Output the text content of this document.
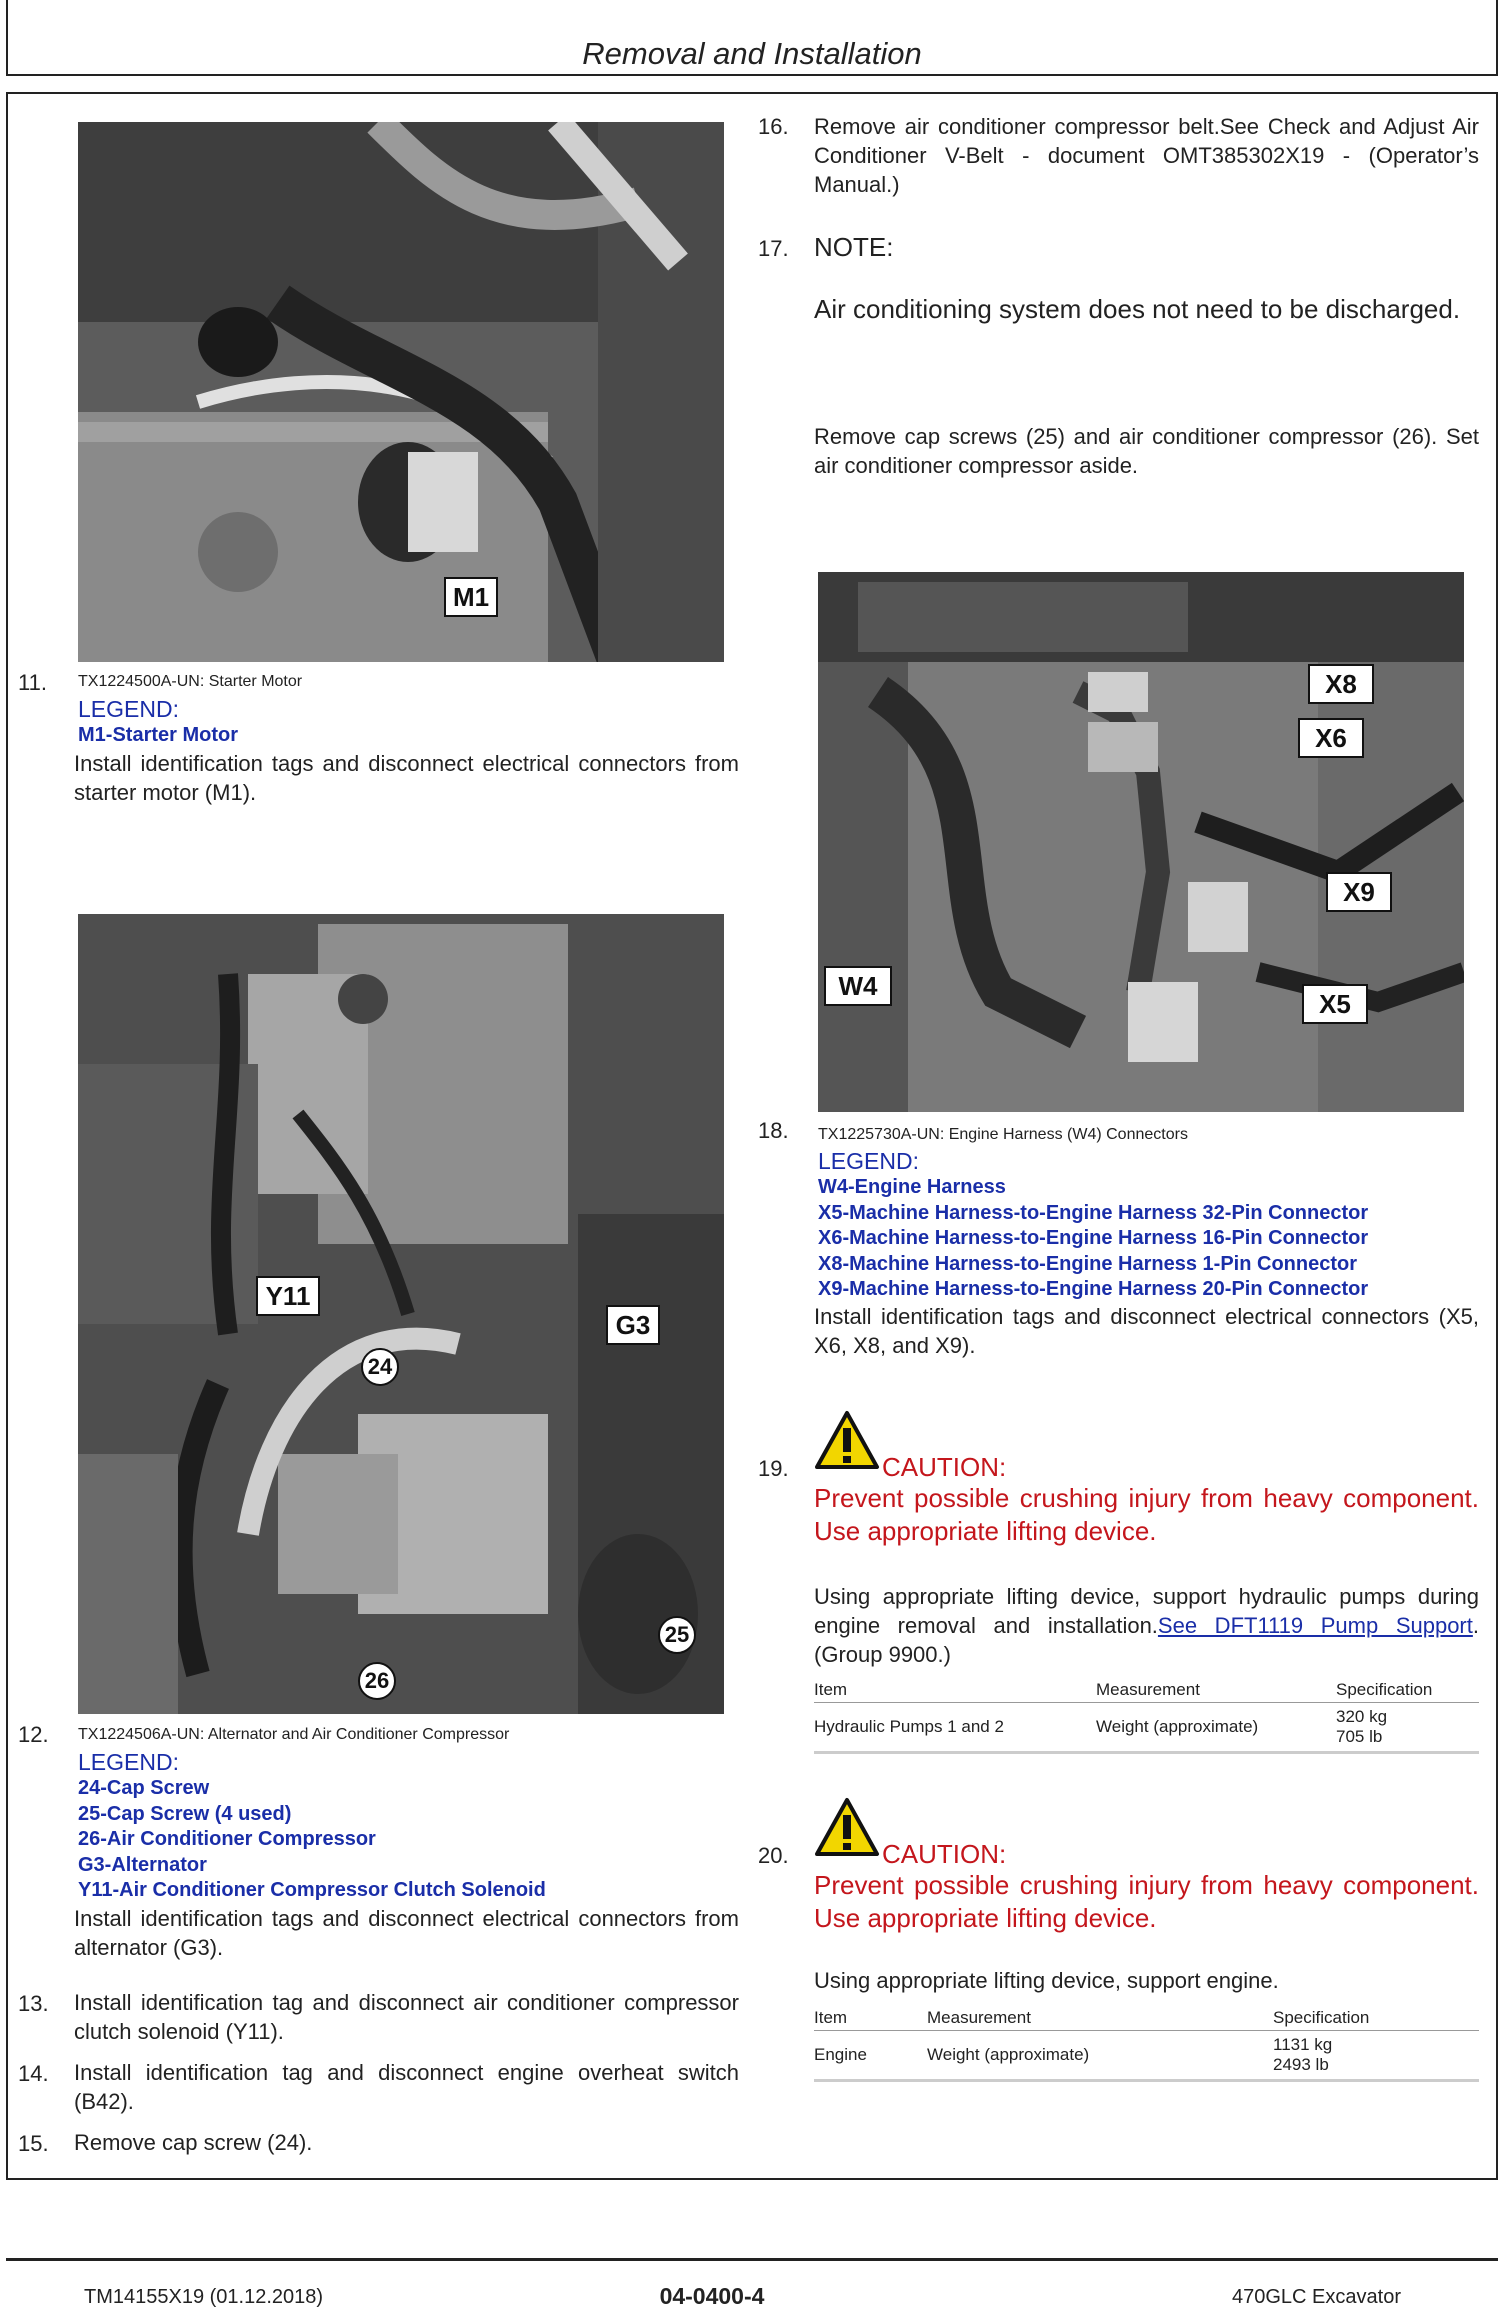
Removal and Installation
M1
11. TX1224500A-UN: Starter Motor
LEGEND:
M1-Starter Motor
Install identification tags and disconnect electrical connectors from starter motor (M1).
Y11
G3
24
25
26
12. TX1224506A-UN: Alternator and Air Conditioner Compressor
LEGEND:
24-Cap Screw
25-Cap Screw (4 used)
26-Air Conditioner Compressor
G3-Alternator
Y11-Air Conditioner Compressor Clutch Solenoid
Install identification tags and disconnect electrical connectors from alternator (G3).
13. Install identification tag and disconnect air conditioner compressor clutch solenoid (Y11).
14. Install identification tag and disconnect engine overheat switch (B42).
15. Remove cap screw (24).
16. Remove air conditioner compressor belt.See Check and Adjust Air Conditioner V-Belt - document OMT385302X19 - (Operator’s Manual.)
17. NOTE:
Air conditioning system does not need to be discharged.
Remove cap screws (25) and air conditioner compressor (26). Set air conditioner compressor aside.
X8
X6
X9
X5
W4
18. TX1225730A-UN: Engine Harness (W4) Connectors
LEGEND:
W4-Engine Harness
X5-Machine Harness-to-Engine Harness 32-Pin Connector
X6-Machine Harness-to-Engine Harness 16-Pin Connector
X8-Machine Harness-to-Engine Harness 1-Pin Connector
X9-Machine Harness-to-Engine Harness 20-Pin Connector
Install identification tags and disconnect electrical connectors (X5, X6, X8, and X9).
19.	CAUTION:
Prevent possible crushing injury from heavy component. Use appropriate lifting device.
Using appropriate lifting device, support hydraulic pumps during engine removal and installation.See DFT1119 Pump Support. (Group 9900.)
Item	Measurement	Specification
Hydraulic Pumps 1 and 2	Weight (approximate)	320 kg
705 lb
20.	CAUTION:
Prevent possible crushing injury from heavy component. Use appropriate lifting device.
Using appropriate lifting device, support engine.
Item	Measurement	Specification
Engine	Weight (approximate)	1131 kg
2493 lb
TM14155X19 (01.12.2018)	04-0400-4	470GLC Excavator
